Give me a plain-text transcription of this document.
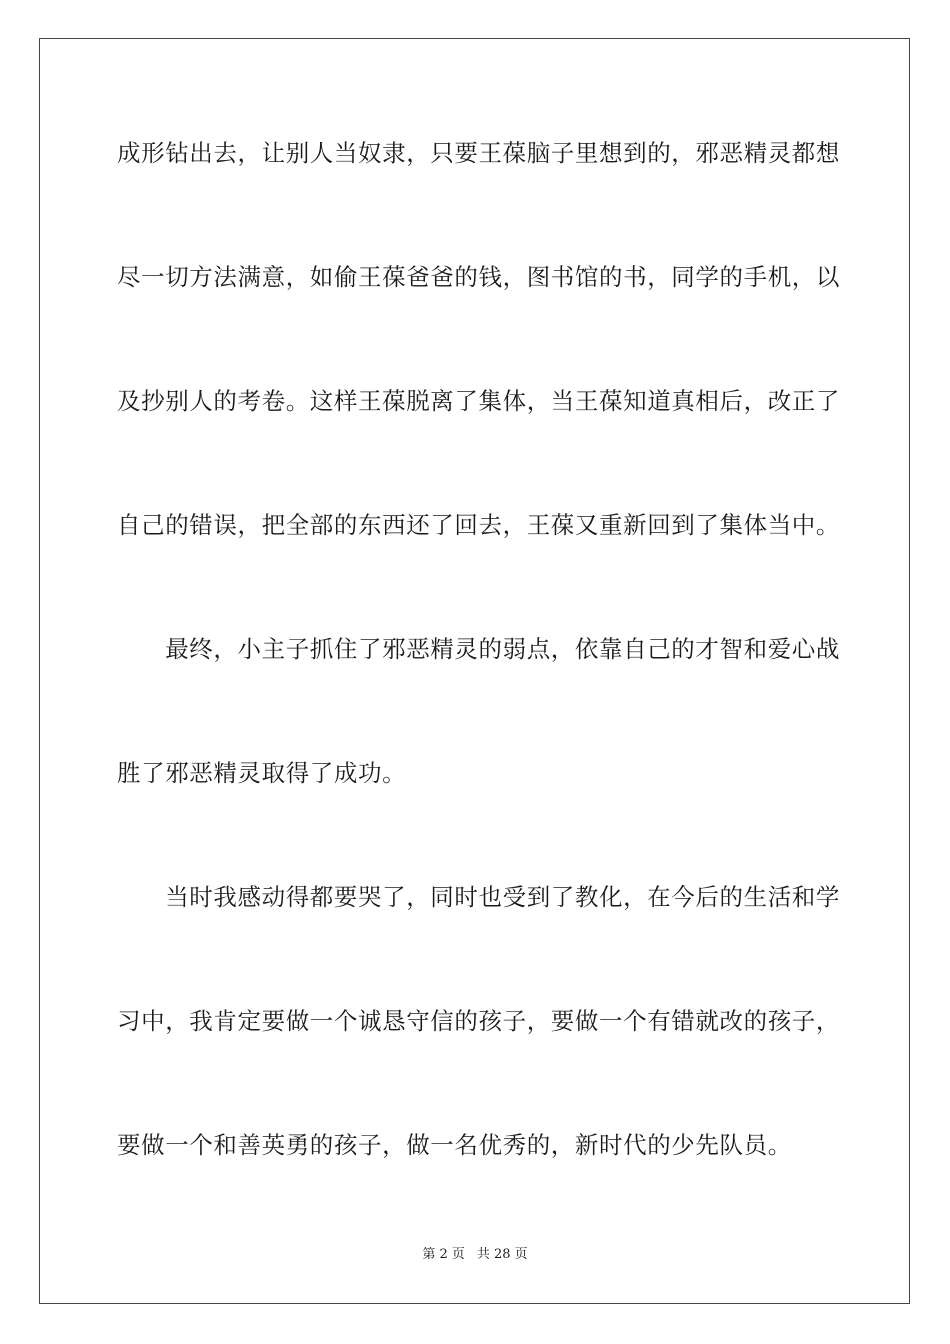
成形钻出去，让别人当奴隶，只要王葆脑子里想到的，邪恶精灵都想
尽一切方法满意，如偷王葆爸爸的钱，图书馆的书，同学的手机，以
及抄别人的考卷。这样王葆脱离了集体，当王葆知道真相后，改正了
自己的错误，把全部的东西还了回去，王葆又重新回到了集体当中。
　　最终，小主子抓住了邪恶精灵的弱点，依靠自己的才智和爱心战
胜了邪恶精灵取得了成功。
　　当时我感动得都要哭了，同时也受到了教化，在今后的生活和学
习中，我肯定要做一个诚恳守信的孩子，要做一个有错就改的孩子，
要做一个和善英勇的孩子，做一名优秀的，新时代的少先队员。
第 2 页 共 28 页
